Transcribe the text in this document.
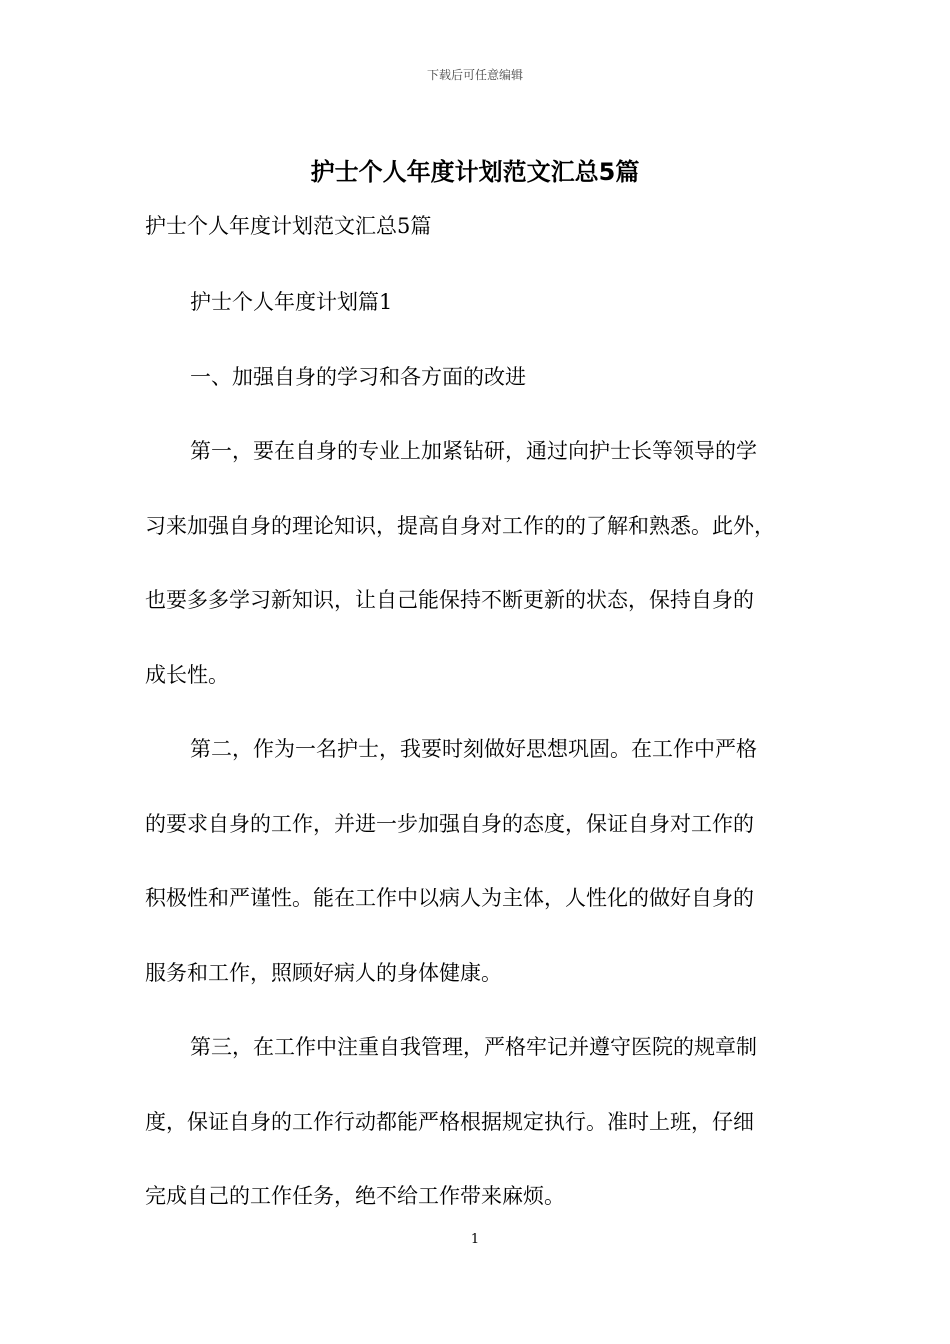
下载后可任意编辑
护士个人年度计划范文汇总5篇
护士个人年度计划范文汇总5篇
护士个人年度计划篇1
一、加强自身的学习和各方面的改进
第一，要在自身的专业上加紧钻研，通过向护士长等领导的学
习来加强自身的理论知识，提高自身对工作的的了解和熟悉。此外，
也要多多学习新知识，让自己能保持不断更新的状态，保持自身的
成长性。
第二，作为一名护士，我要时刻做好思想巩固。在工作中严格
的要求自身的工作，并进一步加强自身的态度，保证自身对工作的
积极性和严谨性。能在工作中以病人为主体，人性化的做好自身的
服务和工作，照顾好病人的身体健康。
第三，在工作中注重自我管理，严格牢记并遵守医院的规章制
度，保证自身的工作行动都能严格根据规定执行。准时上班，仔细
完成自己的工作任务，绝不给工作带来麻烦。
1
